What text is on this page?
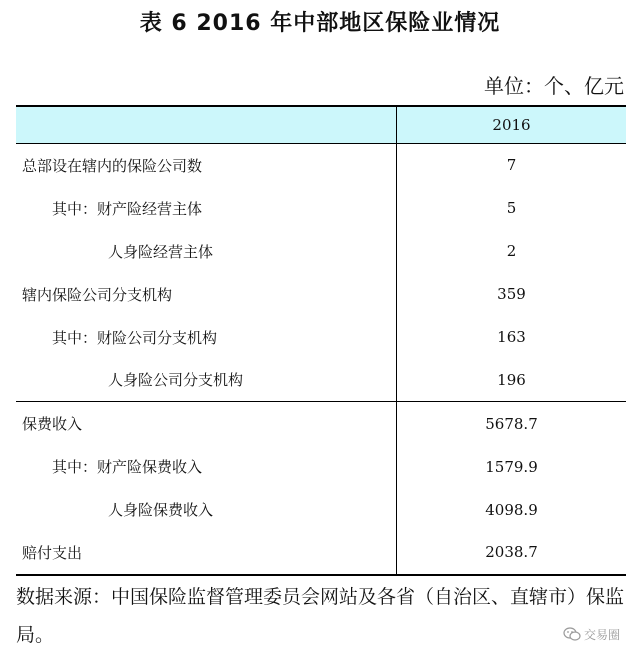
表 6 2016 年中部地区保险业情况
单位：个、亿元
	2016
总部设在辖内的保险公司数	7
其中：财产险经营主体	5
人身险经营主体	2
辖内保险公司分支机构	359
其中：财险公司分支机构	163
人身险公司分支机构	196
保费收入	5678.7
其中：财产险保费收入	1579.9
人身险保费收入	4098.9
赔付支出	2038.7
数据来源：中国保险监督管理委员会网站及各省（自治区、直辖市）保监局。	交易圈
